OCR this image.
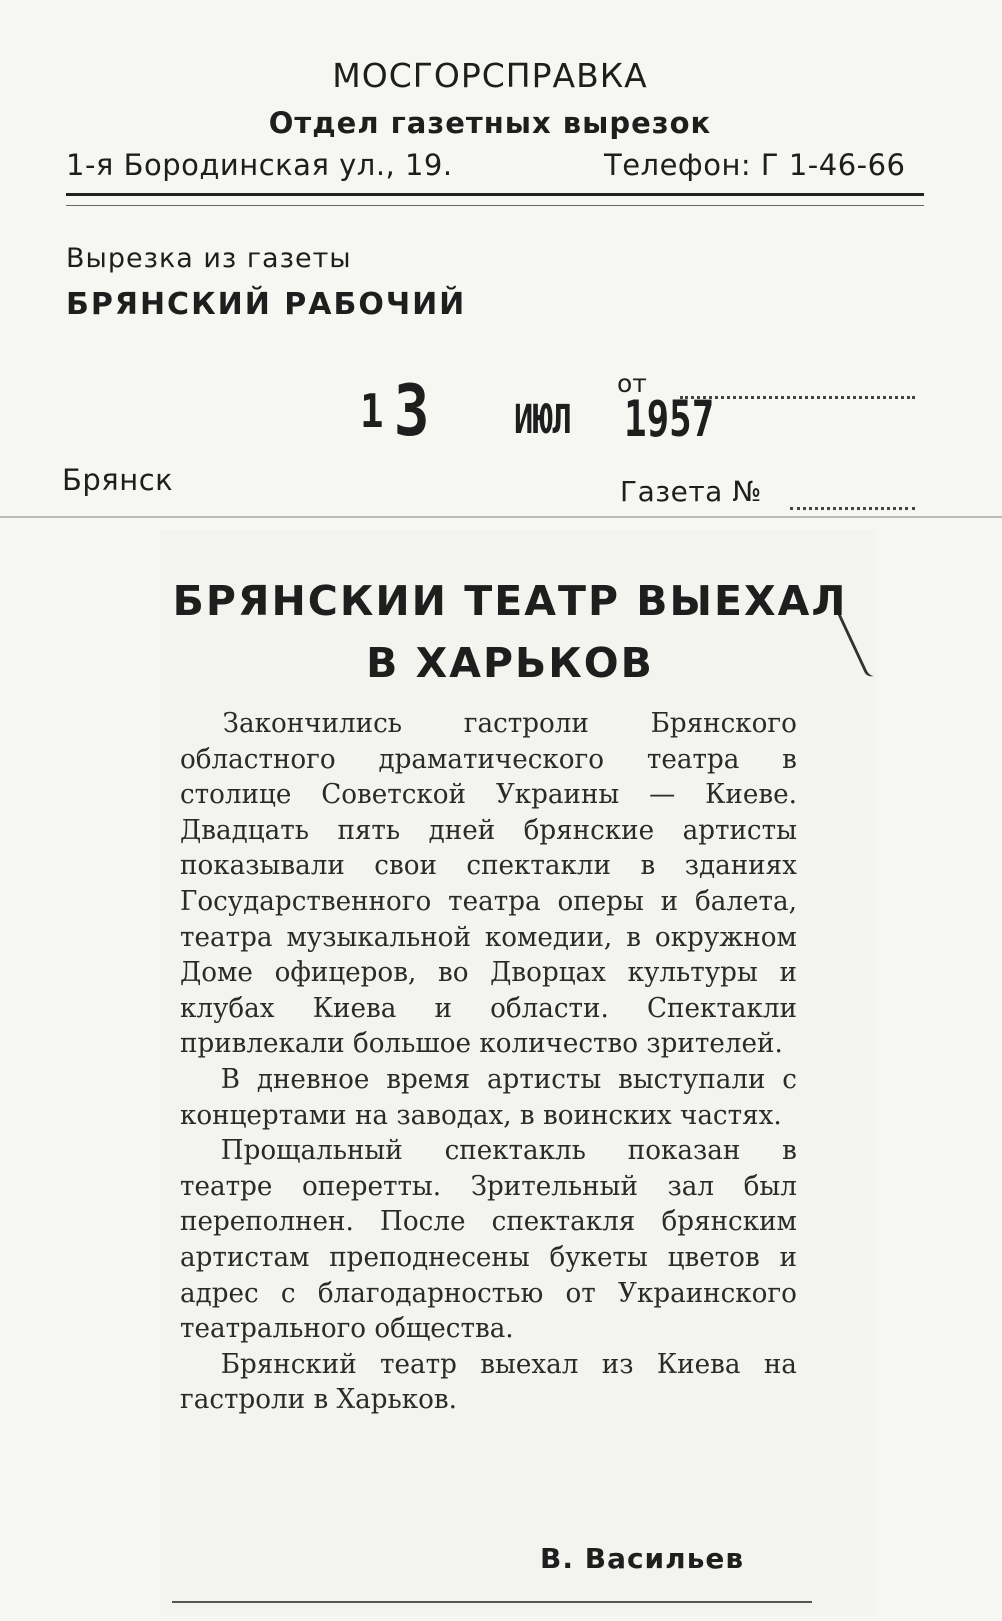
МОСГОРСПРАВКА
Отдел газетных вырезок
1-я Бородинская ул., 19.	Телефон: Г 1-46-66
Вырезка из газеты
БРЯНСКИЙ РАБОЧИЙ
13 ИЮЛ 1957
от
Брянск	Газета №
БРЯНСКИИ ТЕАТР ВЫЕХАЛ В ХАРЬКОВ

Закончились гастроли Брянского областного драматического театра в столице Советской Украины — Киеве. Двадцать пять дней брянские артисты показывали свои спектакли в зданиях Государственного театра оперы и балета, театра музыкальной комедии, в окружном Доме офицеров, во Дворцах культуры и клубах Киева и области. Спектакли привлекали большое количество зрителей.

В дневное время артисты выступали с концертами на заводах, в воинских частях.

Прощальный спектакль показан в театре оперетты. Зрительный зал был переполнен. После спектакля брянским артистам преподнесены букеты цветов и адрес с благодарностью от Украинского театрального общества.

Брянский театр выехал из Киева на гастроли в Харьков.

В. Васильев
